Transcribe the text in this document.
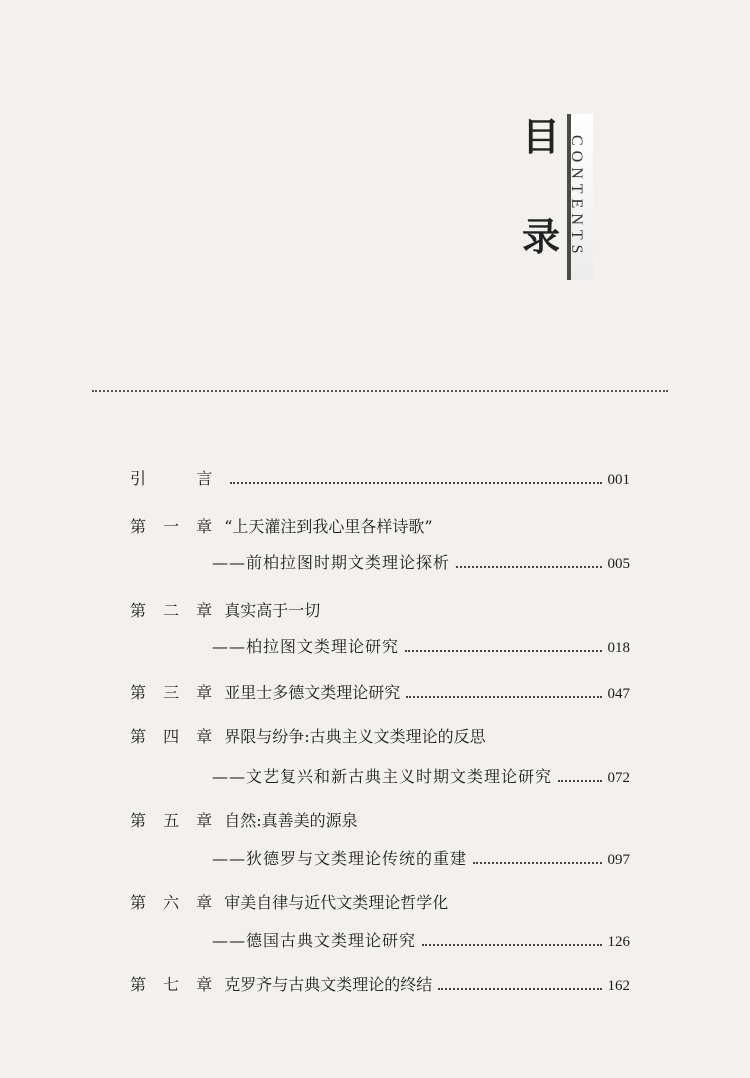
目
录 CONTENTS
引    言	001
第 一 章 “上天灌注到我心里各样诗歌”
——前柏拉图时期文类理论探析	005
第 二 章 真实高于一切
——柏拉图文类理论研究	018
第 三 章 亚里士多德文类理论研究	047
第 四 章 界限与纷争:古典主义文类理论的反思
——文艺复兴和新古典主义时期文类理论研究	072
第 五 章 自然:真善美的源泉
——狄德罗与文类理论传统的重建	097
第 六 章 审美自律与近代文类理论哲学化
——德国古典文类理论研究	126
第 七 章 克罗齐与古典文类理论的终结	162
